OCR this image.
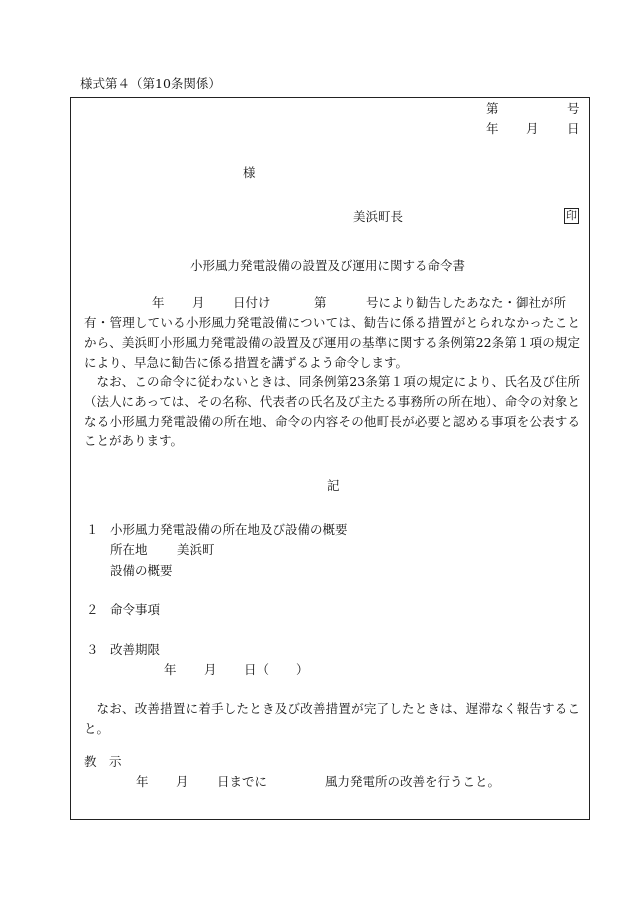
様式第４（第10条関係）
第	号
年 月 日
様
美浜町長	印
小形風力発電設備の設置及び運用に関する命令書
年 月 日付け	第	号により勧告したあなた・御社が所
有・管理している小形風力発電設備については、勧告に係る措置がとられなかったことから、美浜町小形風力発電設備の設置及び運用の基準に関する条例第22条第１項の規定により、早急に勧告に係る措置を講ずるよう命令します。
なお、この命令に従わないときは、同条例第23条第１項の規定により、氏名及び住所（法人にあっては、その名称、代表者の氏名及び主たる事務所の所在地）、命令の対象となる小形風力発電設備の所在地、命令の内容その他町長が必要と認める事項を公表することがあります。
記
１ 小形風力発電設備の所在地及び設備の概要
所在地 美浜町
設備の概要
２ 命令事項
３ 改善期限
年 月 日（ ）
なお、改善措置に着手したとき及び改善措置が完了したときは、遅滞なく報告すること。
教　示
年 月 日までに	風力発電所の改善を行うこと。
